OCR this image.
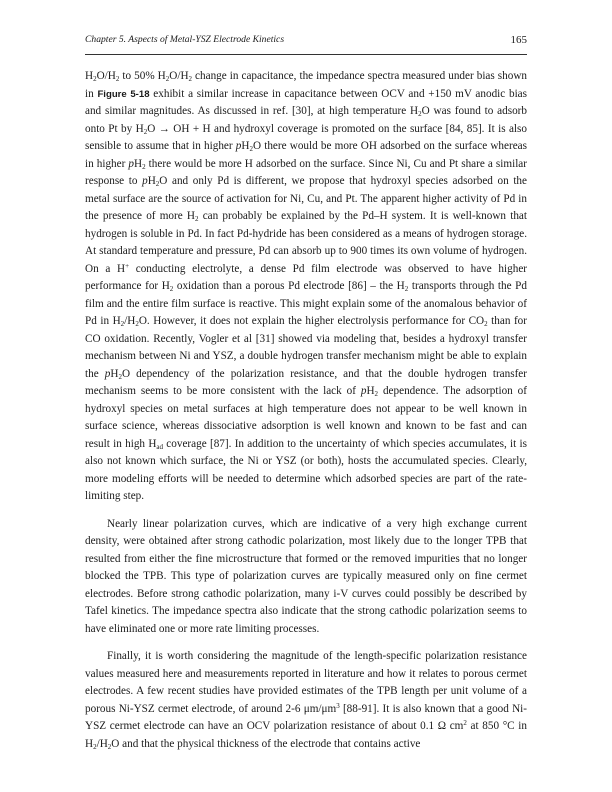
Chapter 5. Aspects of Metal-YSZ Electrode Kinetics	165

$H_2O/H_2$ to 50% $H_2O/H_2$ change in capacitance, the impedance spectra measured under bias shown in Figure 5-18 exhibit a similar increase in capacitance between OCV and +150 mV anodic bias and similar magnitudes. As discussed in ref. [30], at high temperature $H_2O$ was found to adsorb onto Pt by $H_2O$ → OH + H and hydroxyl coverage is promoted on the surface [84, 85]. It is also sensible to assume that in higher $pH_2O$ there would be more OH adsorbed on the surface whereas in higher $pH_2$ there would be more H adsorbed on the surface. Since Ni, Cu and Pt share a similar response to $pH_2O$ and only Pd is different, we propose that hydroxyl species adsorbed on the metal surface are the source of activation for Ni, Cu, and Pt. The apparent higher activity of Pd in the presence of more $H_2$ can probably be explained by the Pd–H system. It is well-known that hydrogen is soluble in Pd. In fact Pd-hydride has been considered as a means of hydrogen storage. At standard temperature and pressure, Pd can absorb up to 900 times its own volume of hydrogen. On a H+ conducting electrolyte, a dense Pd film electrode was observed to have higher performance for $H_2$ oxidation than a porous Pd electrode [86] – the $H_2$ transports through the Pd film and the entire film surface is reactive. This might explain some of the anomalous behavior of Pd in $H_2/H_2O$. However, it does not explain the higher electrolysis performance for $CO_2$ than for CO oxidation. Recently, Vogler et al [31] showed via modeling that, besides a hydroxyl transfer mechanism between Ni and YSZ, a double hydrogen transfer mechanism might be able to explain the $pH_2O$ dependency of the polarization resistance, and that the double hydrogen transfer mechanism seems to be more consistent with the lack of $pH_2$ dependence. The adsorption of hydroxyl species on metal surfaces at high temperature does not appear to be well known in surface science, whereas dissociative adsorption is well known and known to be fast and can result in high $H_{ad}$ coverage [87]. In addition to the uncertainty of which species accumulates, it is also not known which surface, the Ni or YSZ (or both), hosts the accumulated species. Clearly, more modeling efforts will be needed to determine which adsorbed species are part of the rate-limiting step.

Nearly linear polarization curves, which are indicative of a very high exchange current density, were obtained after strong cathodic polarization, most likely due to the longer TPB that resulted from either the fine microstructure that formed or the removed impurities that no longer blocked the TPB. This type of polarization curves are typically measured only on fine cermet electrodes. Before strong cathodic polarization, many i-V curves could possibly be described by Tafel kinetics. The impedance spectra also indicate that the strong cathodic polarization seems to have eliminated one or more rate limiting processes.

Finally, it is worth considering the magnitude of the length-specific polarization resistance values measured here and measurements reported in literature and how it relates to porous cermet electrodes. A few recent studies have provided estimates of the TPB length per unit volume of a porous Ni-YSZ cermet electrode, of around 2-6 $\mu m/\mu m^3$ [88-91]. It is also known that a good Ni-YSZ cermet electrode can have an OCV polarization resistance of about 0.1 Ω $cm^2$ at 850 °C in $H_2/H_2O$ and that the physical thickness of the electrode that contains active
